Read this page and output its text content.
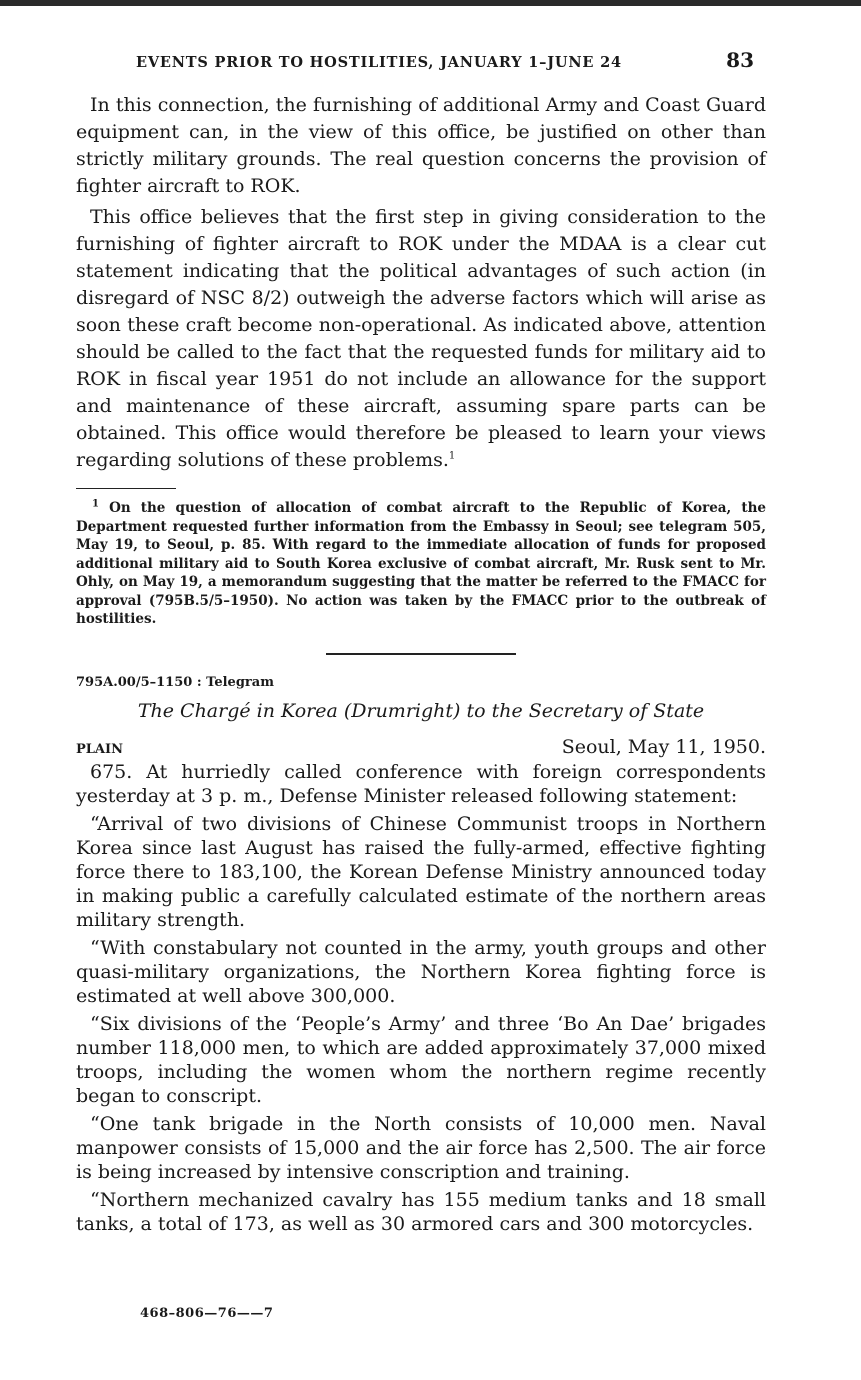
EVENTS PRIOR TO HOSTILITIES, JANUARY 1–JUNE 24	83

In this connection, the furnishing of additional Army and Coast Guard equipment can, in the view of this office, be justified on other than strictly military grounds. The real question concerns the provision of fighter aircraft to ROK.

This office believes that the first step in giving consideration to the furnishing of fighter aircraft to ROK under the MDAA is a clear cut statement indicating that the political advantages of such action (in disregard of NSC 8/2) outweigh the adverse factors which will arise as soon these craft become non-operational. As indicated above, attention should be called to the fact that the requested funds for military aid to ROK in fiscal year 1951 do not include an allowance for the support and maintenance of these aircraft, assuming spare parts can be obtained. This office would therefore be pleased to learn your views regarding solutions of these problems.$^1$

$^1$ On the question of allocation of combat aircraft to the Republic of Korea, the Department requested further information from the Embassy in Seoul; see telegram 505, May 19, to Seoul, p. 85. With regard to the immediate allocation of funds for proposed additional military aid to South Korea exclusive of combat aircraft, Mr. Rusk sent to Mr. Ohly, on May 19, a memorandum suggesting that the matter be referred to the FMACC for approval (795B.5/5–1950). No action was taken by the FMACC prior to the outbreak of hostilities.
795A.00/5–1150 : Telegram
The Chargé in Korea (Drumright) to the Secretary of State
PLAIN	Seoul, May 11, 1950.

675. At hurriedly called conference with foreign correspondents yesterday at 3 p. m., Defense Minister released following statement:

“Arrival of two divisions of Chinese Communist troops in Northern Korea since last August has raised the fully-armed, effective fighting force there to 183,100, the Korean Defense Ministry announced today in making public a carefully calculated estimate of the northern areas military strength.

“With constabulary not counted in the army, youth groups and other quasi-military organizations, the Northern Korea fighting force is estimated at well above 300,000.

“Six divisions of the ‘People’s Army’ and three ‘Bo An Dae’ brigades number 118,000 men, to which are added approximately 37,000 mixed troops, including the women whom the northern regime recently began to conscript.

“One tank brigade in the North consists of 10,000 men. Naval manpower consists of 15,000 and the air force has 2,500. The air force is being increased by intensive conscription and training.

“Northern mechanized cavalry has 155 medium tanks and 18 small tanks, a total of 173, as well as 30 armored cars and 300 motorcycles.

468–806—76——7
